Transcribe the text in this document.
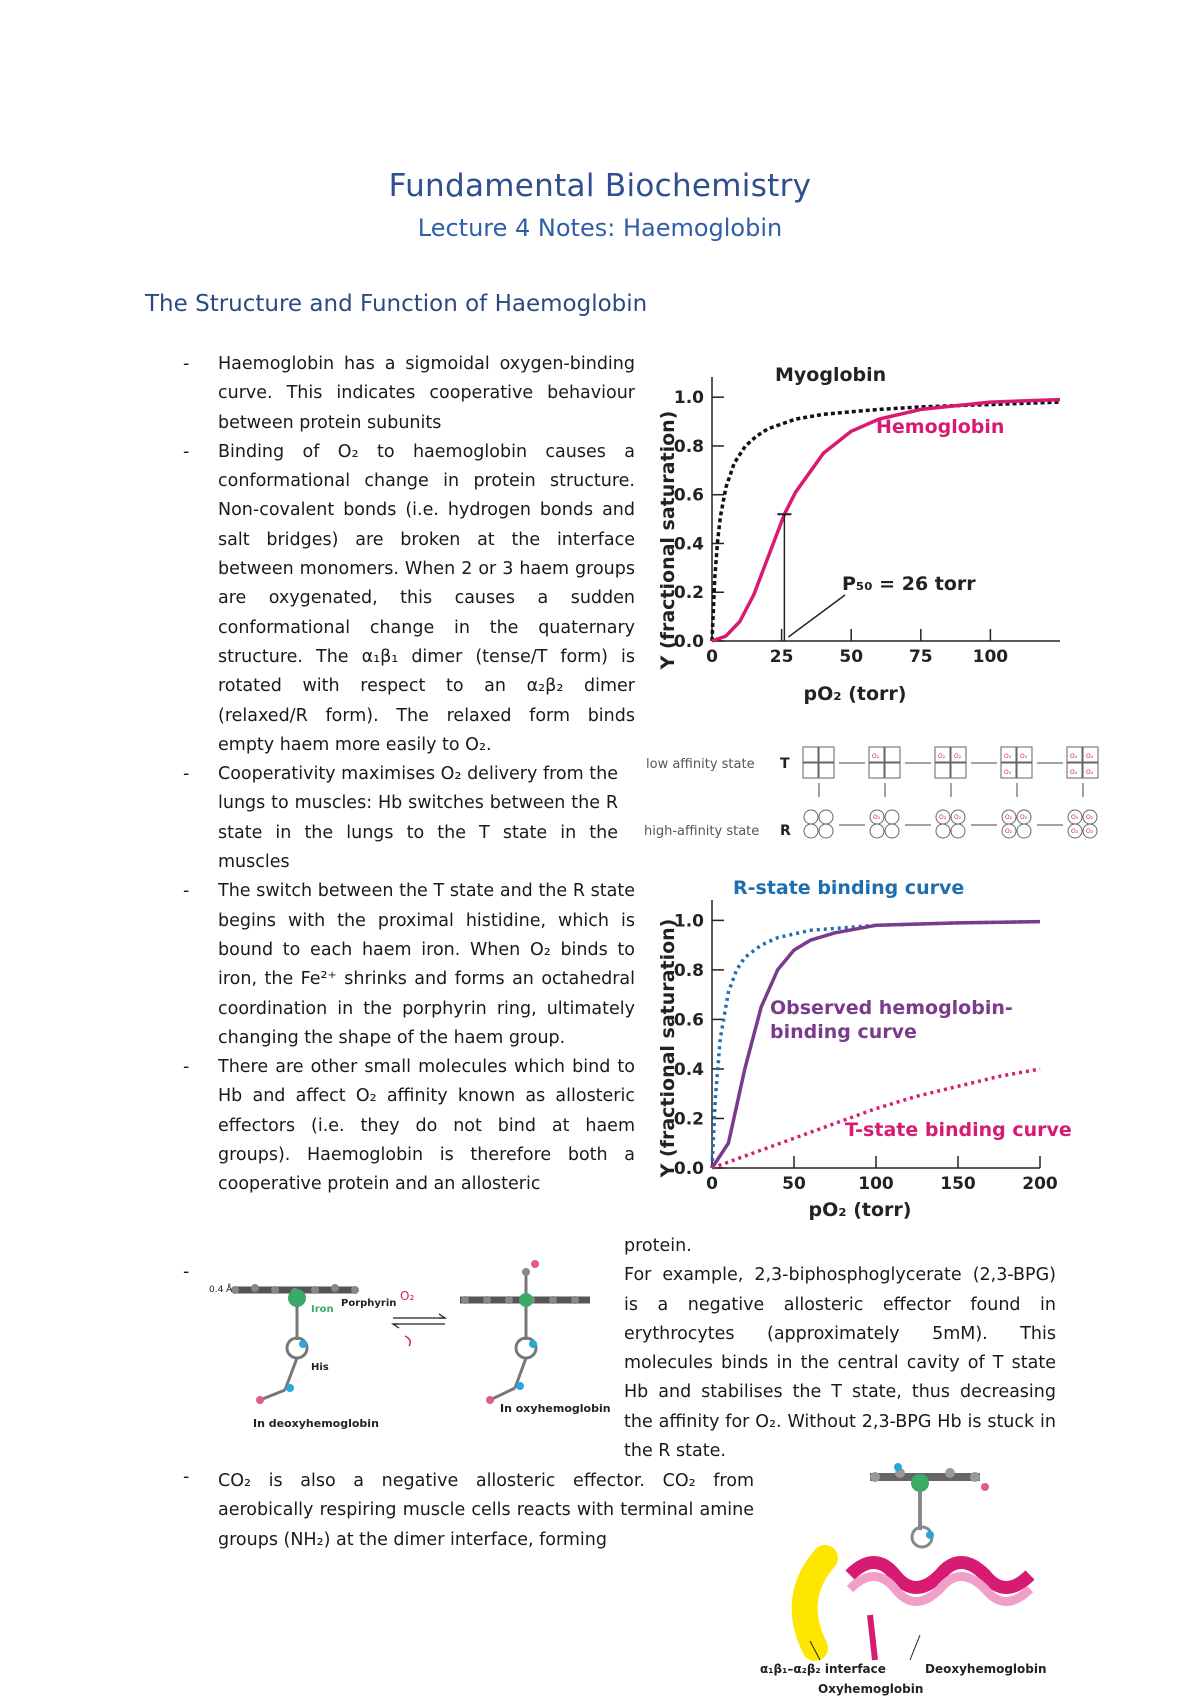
Fundamental Biochemistry
Lecture 4 Notes: Haemoglobin
The Structure and Function of Haemoglobin
- Haemoglobin has a sigmoidal oxygen-binding curve. This indicates cooperative behaviour between protein subunits
- Binding of O₂ to haemoglobin causes a conformational change in protein structure. Non-covalent bonds (i.e. hydrogen bonds and salt bridges) are broken at the interface between monomers. When 2 or 3 haem groups are oxygenated, this causes a sudden conformational change in the quaternary structure. The α₁β₁ dimer (tense/T form) is rotated with respect to an α₂β₂ dimer (relaxed/R form). The relaxed form binds empty haem more easily to O₂.
- Cooperativity maximises O₂ delivery from the lungs to muscles: Hb switches between the R state in the lungs to the T state in the muscles
- The switch between the T state and the R state begins with the proximal histidine, which is bound to each haem iron. When O₂ binds to iron, the Fe²⁺ shrinks and forms an octahedral coordination in the porphyrin ring, ultimately changing the shape of the haem group.
- There are other small molecules which bind to Hb and affect O₂ affinity known as allosteric effectors (i.e. they do not bind at haem groups). Haemoglobin is therefore both a cooperative protein and an allosteric
protein.
For example, 2,3-biphosphoglycerate (2,3-BPG) is a negative allosteric effector found in erythrocytes (approximately 5mM). This molecules binds in the central cavity of T state Hb and stabilises the T state, thus decreasing the affinity for O₂. Without 2,3-BPG Hb is stuck in the R state.
-
- CO₂ is also a negative allosteric effector. CO₂ from aerobically respiring muscle cells reacts with terminal amine groups (NH₂) at the dimer interface, forming
Myoglobin
Hemoglobin
P₅₀ = 26 torr
0.0
0.2
0.4
0.6
0.8
1.0
0	25	50	75 100
Y (fractional saturation)
pO₂ (torr)
low affinity state T
high-affinity state R
O₂
O₂
O₂ O₂
O₂ O₂
O₂ O₂
O₂
O₂ O₂
O₂
O₂ O₂
O₂ O₂
O₂ O₂
O₂ O₂
R-state binding curve
Observed hemoglobin-
binding curve
T-state binding curve
0.0
0.2
0.4
0.6
0.8
1.0
0	50	100	150	200
Y (fractional saturation)
pO₂ (torr)
0.4 Å
Iron
Porphyrin
His
O₂
In deoxyhemoglobin
In oxyhemoglobin
α₁β₁–α₂β₂ interface	Deoxyhemoglobin
Oxyhemoglobin
